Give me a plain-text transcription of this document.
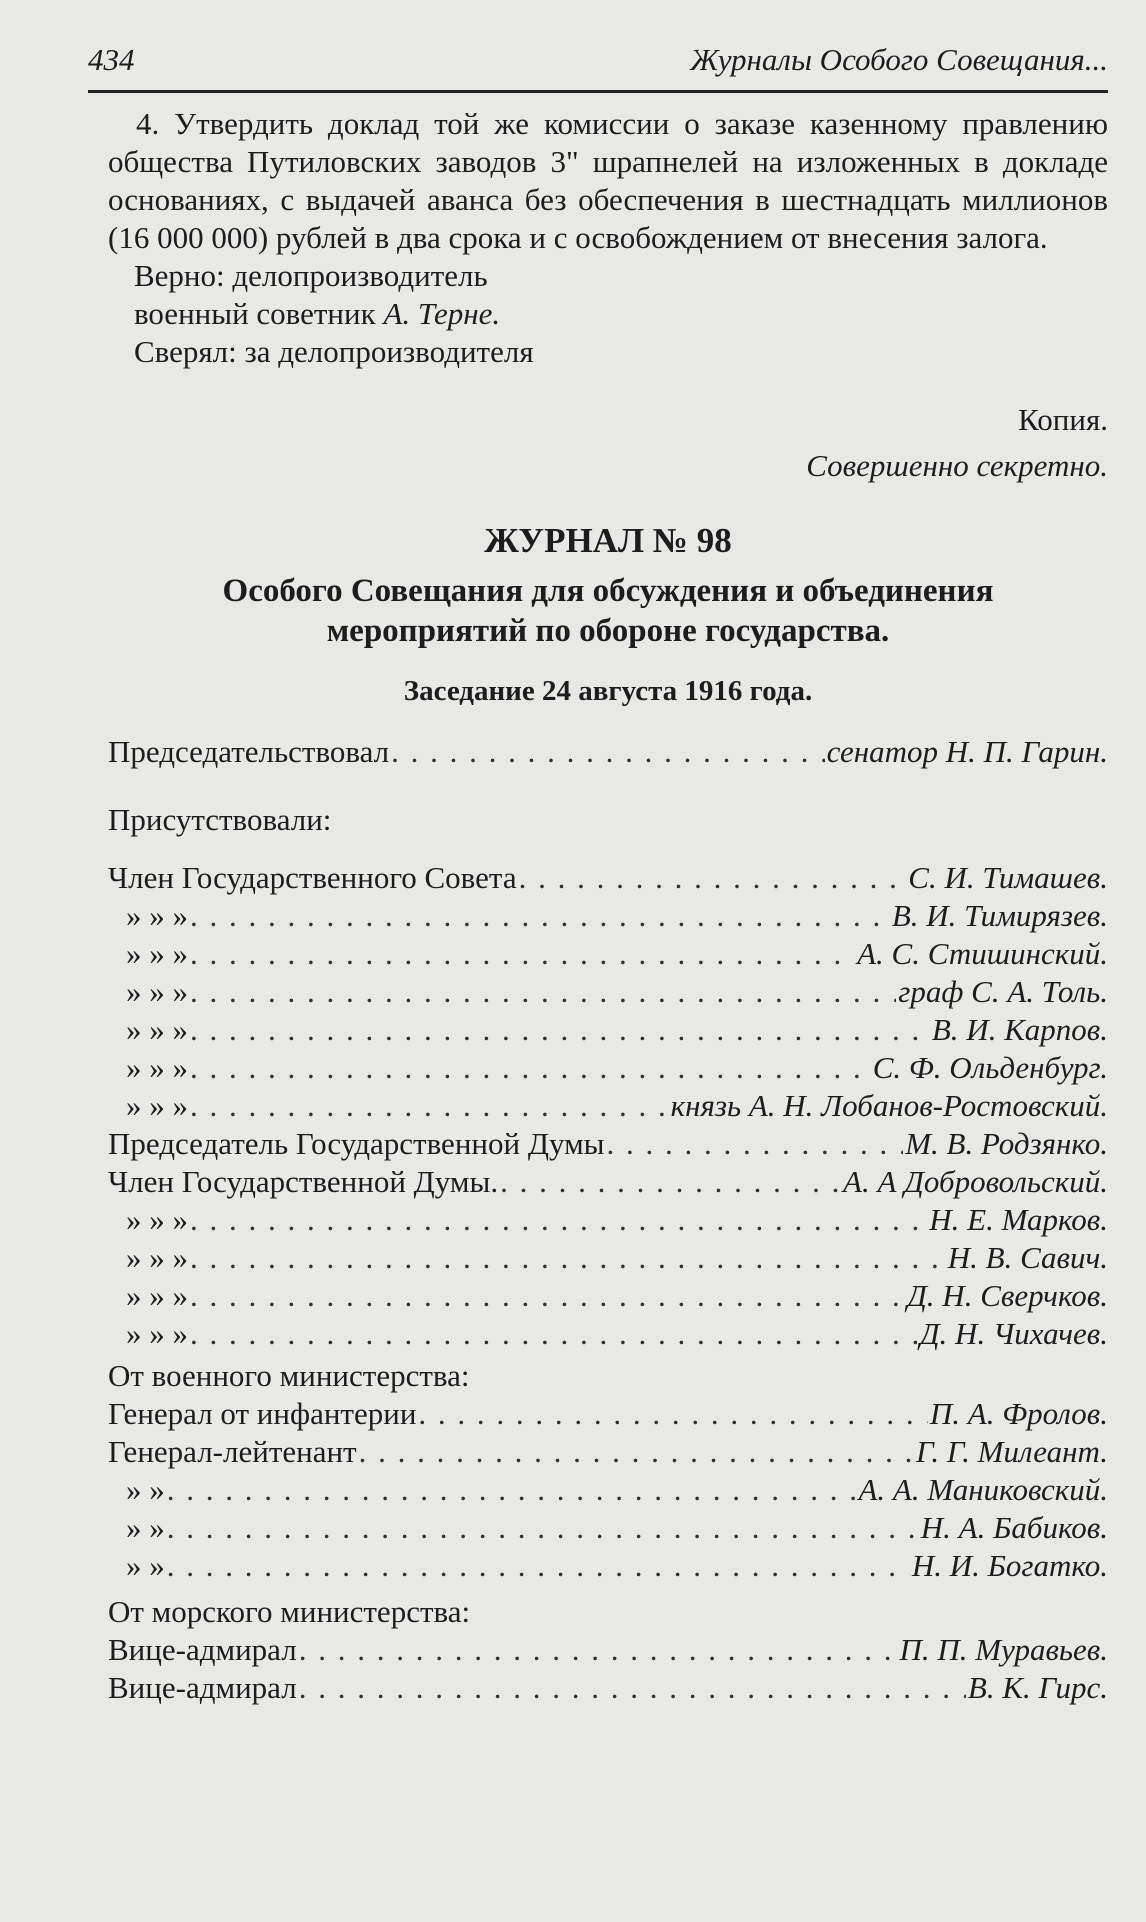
434	Журналы Особого Совещания...

4. Утвердить доклад той же комиссии о заказе казенному правлению общества Путиловских заводов 3" шрапнелей на изложенных в докладе основаниях, с выдачей аванса без обеспечения в шестнадцать миллионов (16 000 000) рублей в два срока и с освобождением от внесения залога.

Верно: делопроизводитель
военный советник А. Терне.
Сверял: за делопроизводителя
Копия.
Совершенно секретно.
ЖУРНАЛ № 98
Особого Совещания для обсуждения и объединения
мероприятий по обороне государства.
Заседание 24 августа 1916 года.
Председательствовал . . .	сенатор Н. П. Гарин.
Присутствовали:
Член Государственного Совета . . .	С. И. Тимашев.
» » » . . .	В. И. Тимирязев.
» » » . . .	А. С. Стишинский.
» » » . . .	граф С. А. Толь.
» » » . . .	В. И. Карпов.
» » » . . .	С. Ф. Ольденбург.
» » » . . .	князь А. Н. Лобанов-Ростовский.
Председатель Государственной Думы . . .	М. В. Родзянко.
Член Государственной Думы. . . .	А. А Добровольский.
» » » . . .	Н. Е. Марков.
» » » . . .	Н. В. Савич.
» » » . . .	Д. Н. Сверчков.
» » » . . .	Д. Н. Чихачев.
От военного министерства:
Генерал от инфантерии . . .	П. А. Фролов.
Генерал-лейтенант . . .	Г. Г. Милеант.
» » . . .	А. А. Маниковский.
» » . . .	Н. А. Бабиков.
» » . . .	Н. И. Богатко.
От морского министерства:
Вице-адмирал . . .	П. П. Муравьев.
Вице-адмирал . . .	В. К. Гирс.
